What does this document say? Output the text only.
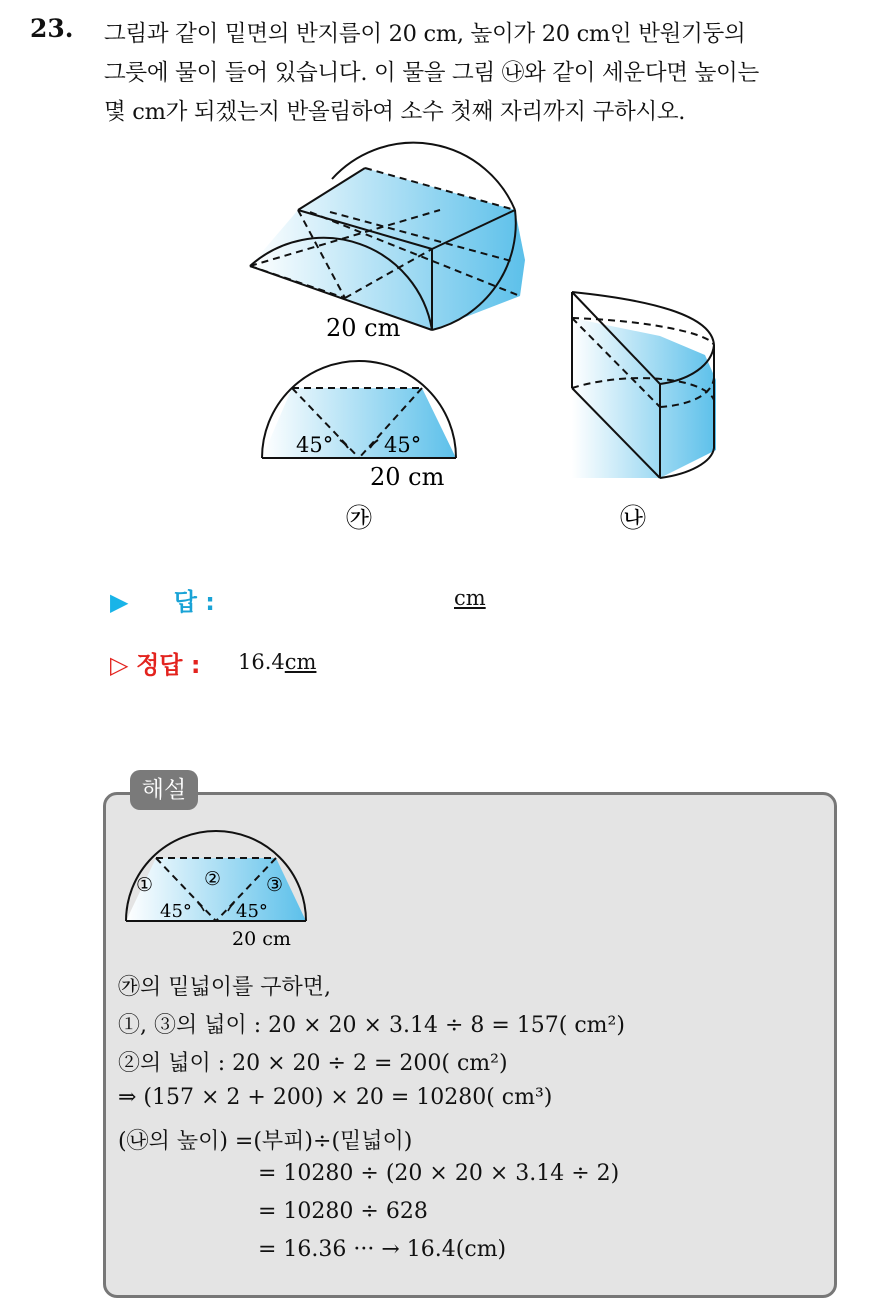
23. 그림과 같이 밑면의 반지름이 20 cm, 높이가 20 cm인 반원기둥의
그릇에 물이 들어 있습니다. 이 물을 그림 ㉯와 같이 세운다면 높이는
몇 cm가 되겠는지 반올림하여 소수 첫째 자리까지 구하시오.
20 cm
45° 45°
20 cm
㉮	㉯
▶ 답 :	cm
▷ 정답 : 16.4cm
해설
①	② ③
45° 45°
20 cm
㉮의 밑넓이를 구하면,
①, ③의 넓이 : 20 × 20 × 3.14 ÷ 8 = 157( cm²)
②의 넓이 : 20 × 20 ÷ 2 = 200( cm²)
⇒ (157 × 2 + 200) × 20 = 10280( cm³)
(㉯의 높이) =(부피)÷(밑넓이)
= 10280 ÷ (20 × 20 × 3.14 ÷ 2)
= 10280 ÷ 628
= 16.36 ··· → 16.4(cm)
